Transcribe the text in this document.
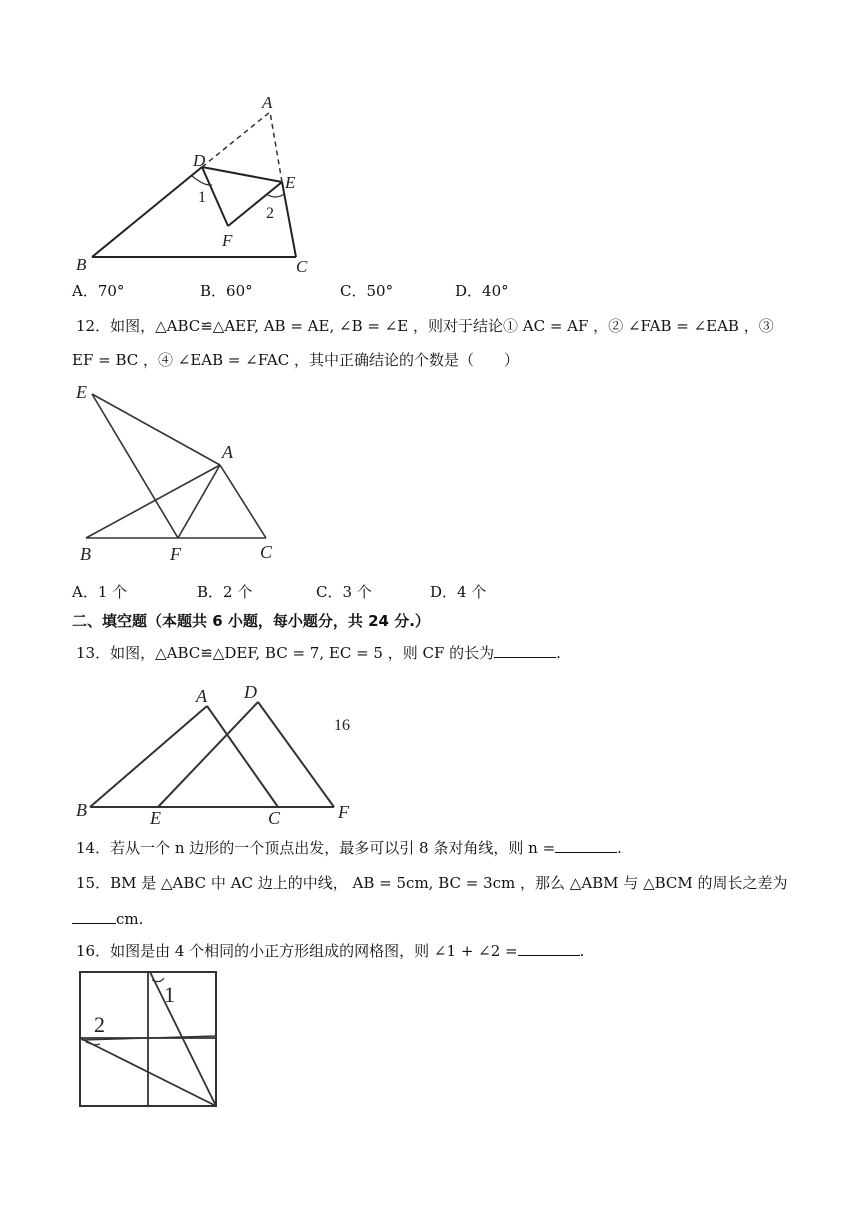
A
D
E
F
B	C
1
2
A．70°	B．60°	C．50°	D．40°
12．如图，△ABC≌△AEF, AB = AE, ∠B = ∠E ，则对于结论① AC = AF ，② ∠FAB = ∠EAB ，③
EF = BC ，④ ∠EAB = ∠FAC ，其中正确结论的个数是（　　）
E
A
B	F	C
A．1 个	B．2 个	C．3 个	D．4 个
二、填空题（本题共 6 小题，每小题分，共 24 分.）
13．如图，△ABC≌△DEF, BC = 7, EC = 5 ，则 CF 的长为	.
A D
B	E	C	F
16
14．若从一个 n 边形的一个顶点出发，最多可以引 8 条对角线，则 n =	.
15．BM 是 △ABC 中 AC 边上的中线， AB = 5cm, BC = 3cm ，那么 △ABM 与 △BCM 的周长之差为
cm.
16．如图是由 4 个相同的小正方形组成的网格图，则 ∠1 + ∠2 =	.
1
2
